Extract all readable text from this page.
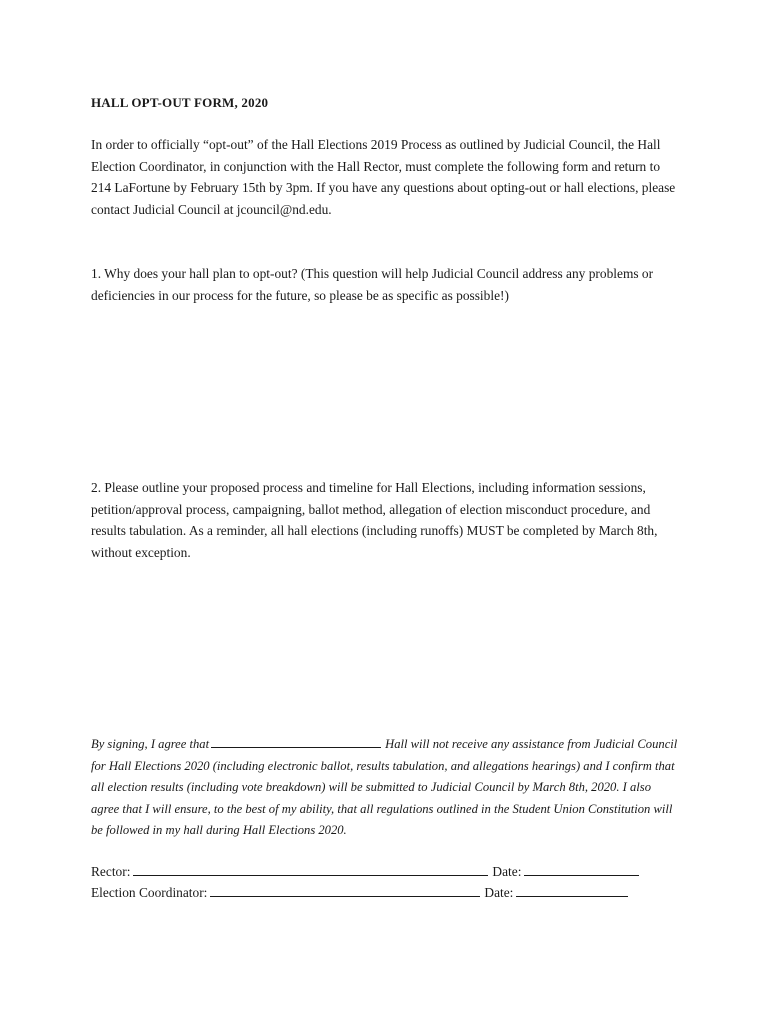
HALL OPT-OUT FORM, 2020
In order to officially “opt-out” of the Hall Elections 2019 Process as outlined by Judicial Council, the Hall Election Coordinator, in conjunction with the Hall Rector, must complete the following form and return to 214 LaFortune by February 15th by 3pm. If you have any questions about opting-out or hall elections, please contact Judicial Council at jcouncil@nd.edu.
1. Why does your hall plan to opt-out? (This question will help Judicial Council address any problems or deficiencies in our process for the future, so please be as specific as possible!)
2. Please outline your proposed process and timeline for Hall Elections, including information sessions, petition/approval process, campaigning, ballot method, allegation of election misconduct procedure, and results tabulation. As a reminder, all hall elections (including runoffs) MUST be completed by March 8th, without exception.
By signing, I agree that	Hall will not receive any assistance from Judicial Council for Hall Elections 2020 (including electronic ballot, results tabulation, and allegations hearings) and I confirm that all election results (including vote breakdown) will be submitted to Judicial Council by March 8th, 2020. I also agree that I will ensure, to the best of my ability, that all regulations outlined in the Student Union Constitution will be followed in my hall during Hall Elections 2020.
Rector:	Date:
Election Coordinator:	Date:
